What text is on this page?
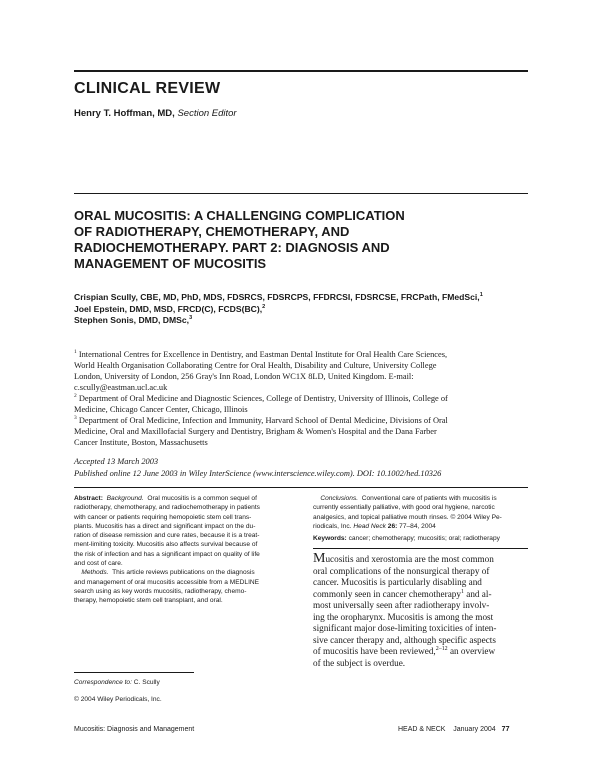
CLINICAL REVIEW
Henry T. Hoffman, MD, Section Editor
ORAL MUCOSITIS: A CHALLENGING COMPLICATION
OF RADIOTHERAPY, CHEMOTHERAPY, AND
RADIOCHEMOTHERAPY. PART 2: DIAGNOSIS AND
MANAGEMENT OF MUCOSITIS
Crispian Scully, CBE, MD, PhD, MDS, FDSRCS, FDSRCPS, FFDRCSI, FDSRCSE, FRCPath, FMedSci,$^1$
Joel Epstein, DMD, MSD, FRCD(C), FCDS(BC),$^2$
Stephen Sonis, DMD, DMSc,$^3$
$^1$ International Centres for Excellence in Dentistry, and Eastman Dental Institute for Oral Health Care Sciences,
World Health Organisation Collaborating Centre for Oral Health, Disability and Culture, University College
London, University of London, 256 Gray's Inn Road, London WC1X 8LD, United Kingdom. E-mail:
c.scully@eastman.ucl.ac.uk
$^2$ Department of Oral Medicine and Diagnostic Sciences, College of Dentistry, University of Illinois, College of
Medicine, Chicago Cancer Center, Chicago, Illinois
$^3$ Department of Oral Medicine, Infection and Immunity, Harvard School of Dental Medicine, Divisions of Oral
Medicine, Oral and Maxillofacial Surgery and Dentistry, Brigham & Women's Hospital and the Dana Farber
Cancer Institute, Boston, Massachusetts
Accepted 13 March 2003
Published online 12 June 2003 in Wiley InterScience (www.interscience.wiley.com). DOI: 10.1002/hed.10326
Abstract: Background. Oral mucositis is a common sequel of
radiotherapy, chemotherapy, and radiochemotherapy in patients
with cancer or patients requiring hemopoietic stem cell trans-
plants. Mucositis has a direct and significant impact on the du-
ration of disease remission and cure rates, because it is a treat-
ment-limiting toxicity. Mucositis also affects survival because of
the risk of infection and has a significant impact on quality of life
and cost of care.
Methods. This article reviews publications on the diagnosis
and management of oral mucositis accessible from a MEDLINE
search using as key words mucositis, radiotherapy, chemo-
therapy, hemopoietic stem cell transplant, and oral.
Conclusions. Conventional care of patients with mucositis is
currently essentially palliative, with good oral hygiene, narcotic
analgesics, and topical palliative mouth rinses. © 2004 Wiley Pe-
riodicals, Inc. Head Neck 26: 77–84, 2004
Keywords: cancer; chemotherapy; mucositis; oral; radiotherapy
Mucositis and xerostomia are the most common
oral complications of the nonsurgical therapy of
cancer. Mucositis is particularly disabling and
commonly seen in cancer chemotherapy$^1$ and al-
most universally seen after radiotherapy involv-
ing the oropharynx. Mucositis is among the most
significant major dose-limiting toxicities of inten-
sive cancer therapy and, although specific aspects
of mucositis have been reviewed,$^{2-12}$ an overview
of the subject is overdue.
Correspondence to: C. Scully
© 2004 Wiley Periodicals, Inc.
Mucositis: Diagnosis and Management	HEAD & NECK January 2004 77
